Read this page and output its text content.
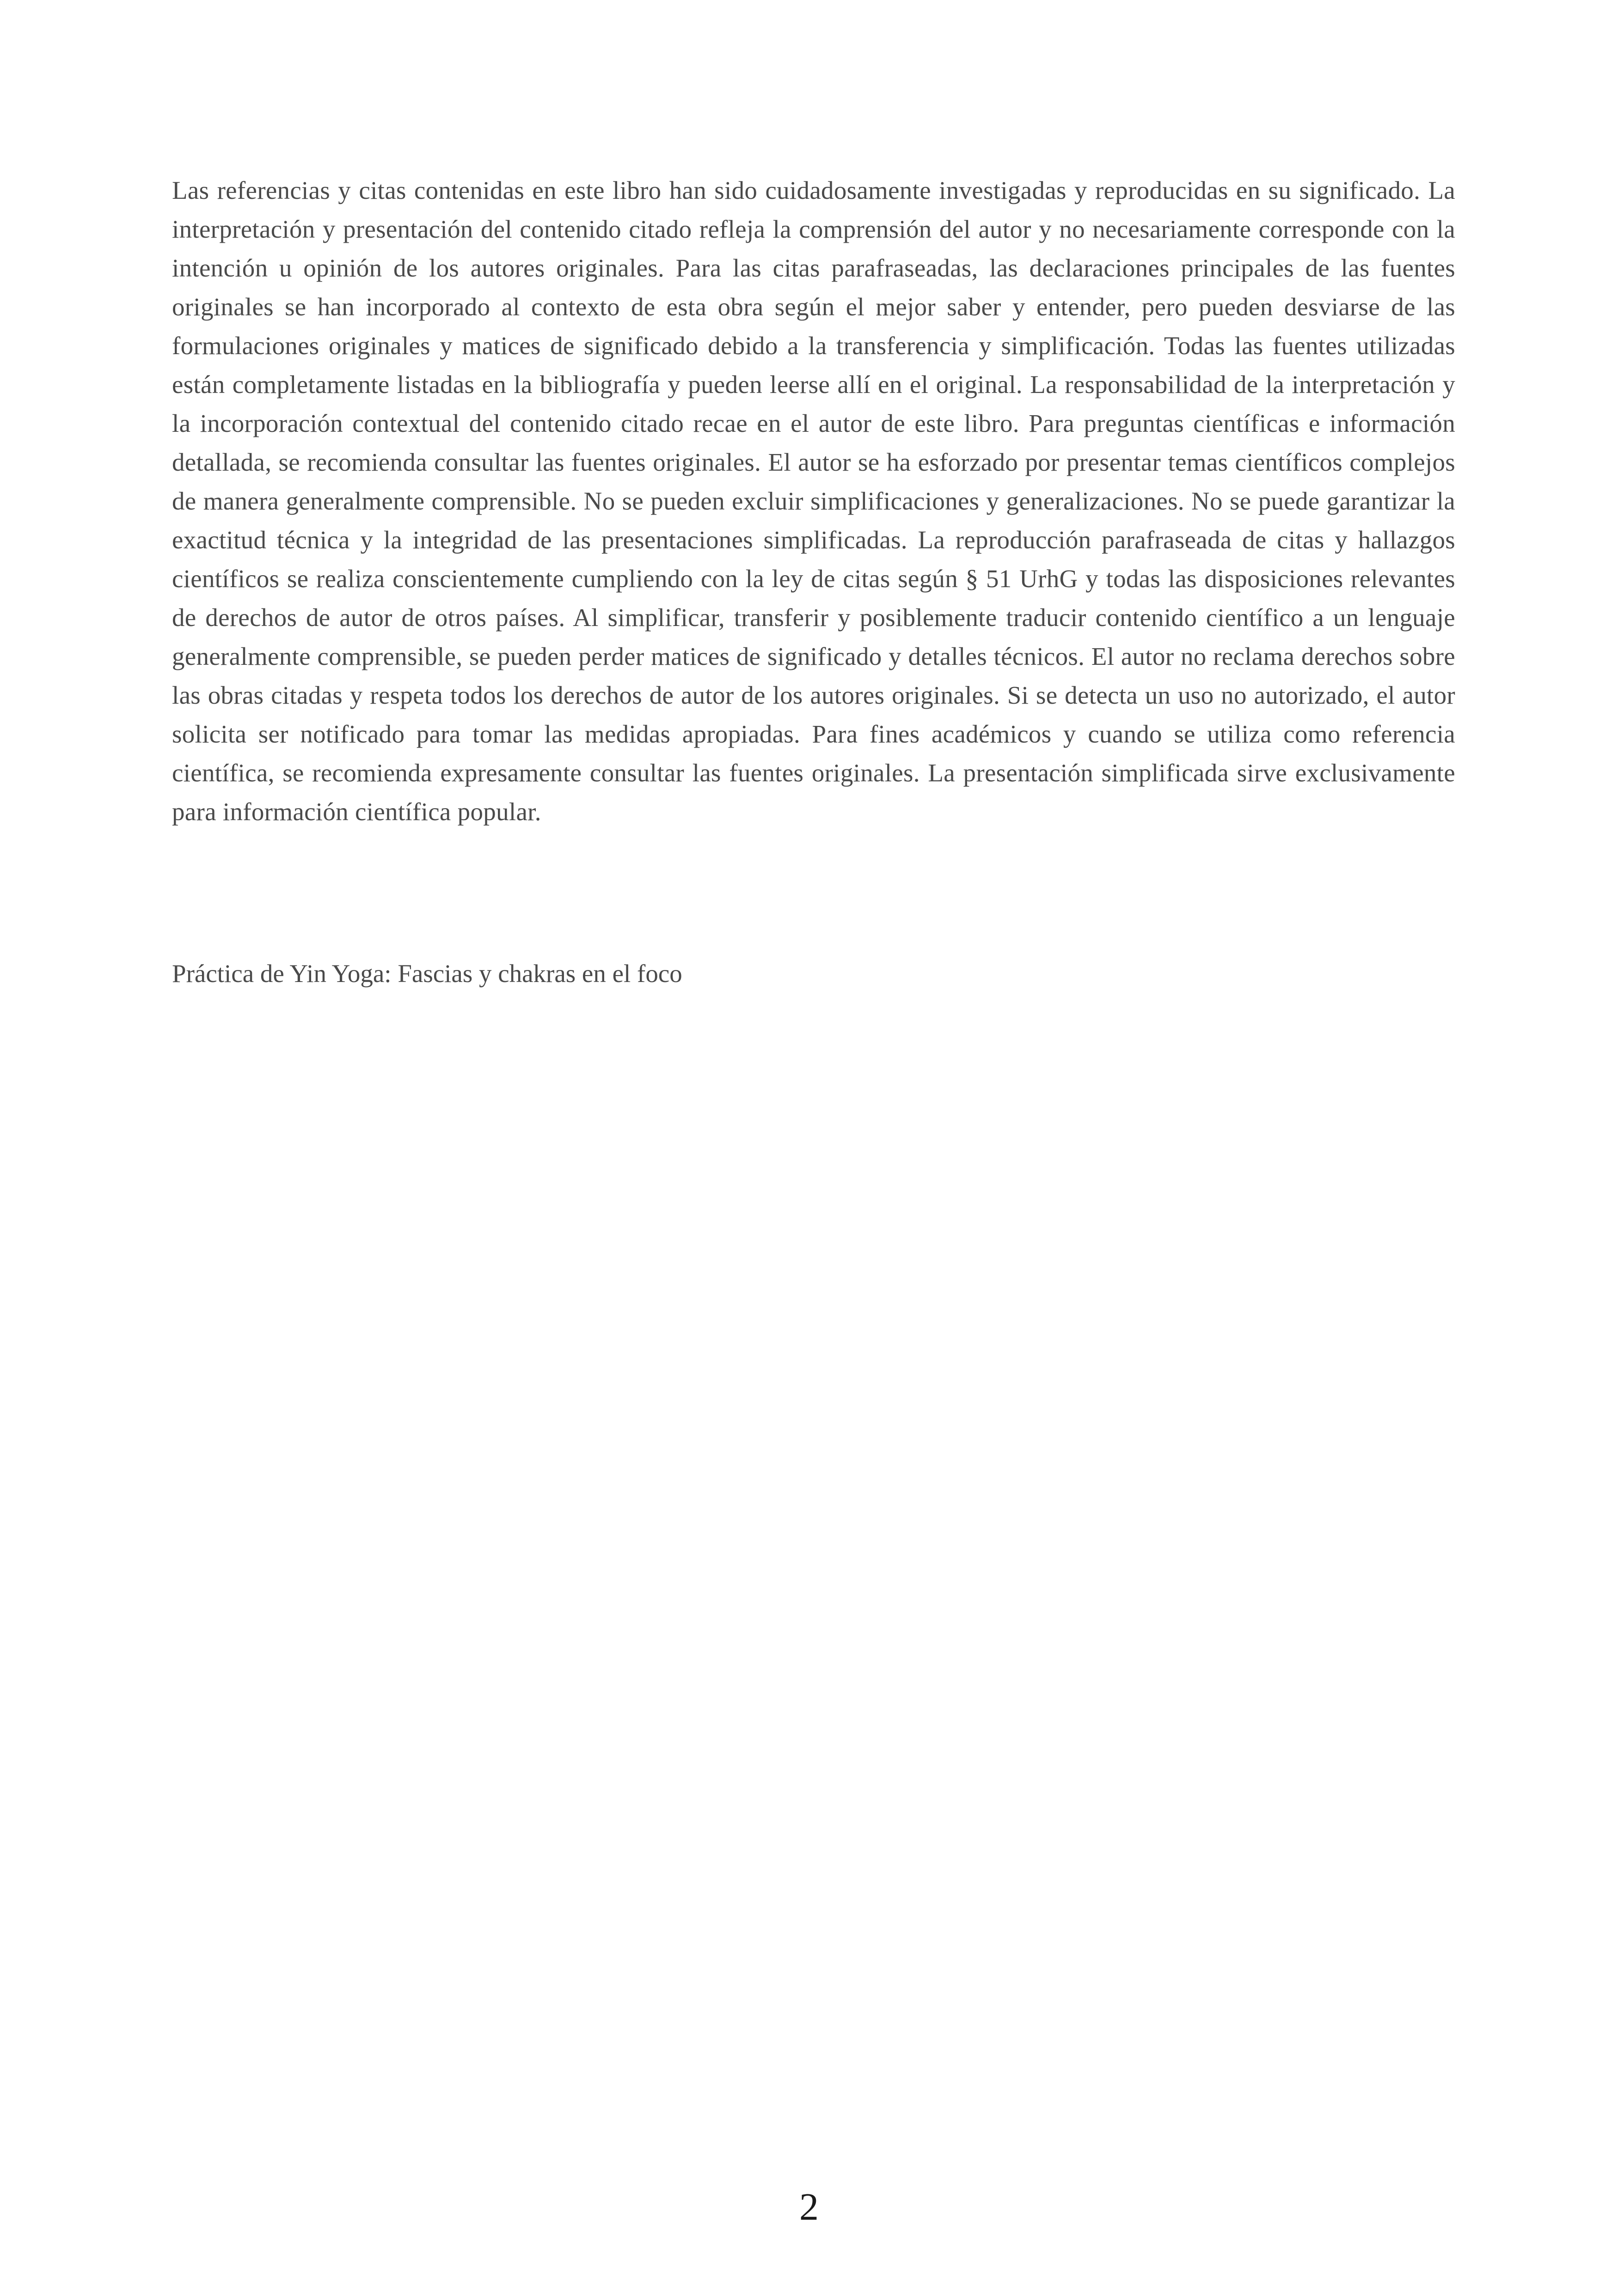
Las referencias y citas contenidas en este libro han sido cuidadosamente investigadas y reproducidas en su significado. La interpretación y presentación del contenido citado refleja la comprensión del autor y no necesariamente corresponde con la intención u opinión de los autores originales. Para las citas parafraseadas, las declaraciones principales de las fuentes originales se han incorporado al contexto de esta obra según el mejor saber y entender, pero pueden desviarse de las formulaciones originales y matices de significado debido a la transferencia y simplificación. Todas las fuentes utilizadas están completamente listadas en la bibliografía y pueden leerse allí en el original. La responsabilidad de la interpretación y la incorporación contextual del contenido citado recae en el autor de este libro. Para preguntas científicas e información detallada, se recomienda consultar las fuentes originales. El autor se ha esforzado por presentar temas científicos complejos de manera generalmente comprensible. No se pueden excluir simplificaciones y generalizaciones. No se puede garantizar la exactitud técnica y la integridad de las presentaciones simplificadas. La reproducción parafraseada de citas y hallazgos científicos se realiza conscientemente cumpliendo con la ley de citas según § 51 UrhG y todas las disposiciones relevantes de derechos de autor de otros países. Al simplificar, transferir y posiblemente traducir contenido científico a un lenguaje generalmente comprensible, se pueden perder matices de significado y detalles técnicos. El autor no reclama derechos sobre las obras citadas y respeta todos los derechos de autor de los autores originales. Si se detecta un uso no autorizado, el autor solicita ser notificado para tomar las medidas apropiadas. Para fines académicos y cuando se utiliza como referencia científica, se recomienda expresamente consultar las fuentes originales. La presentación simplificada sirve exclusivamente para información científica popular.

Práctica de Yin Yoga: Fascias y chakras en el foco

2
